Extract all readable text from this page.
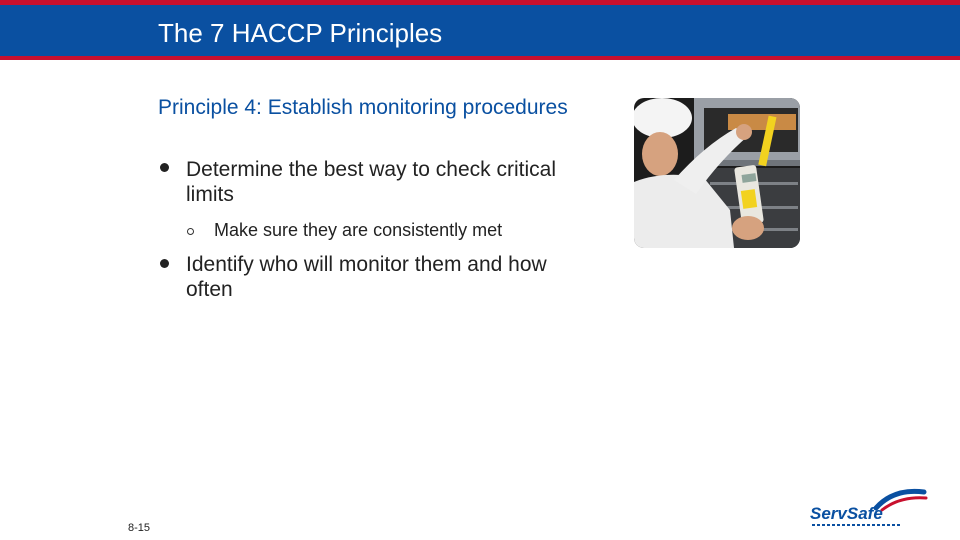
The 7 HACCP Principles

Principle 4: Establish monitoring procedures

Determine the best way to check critical limits
Make sure they are consistently met
Identify who will monitor them and how often
8-15
ServSafe
